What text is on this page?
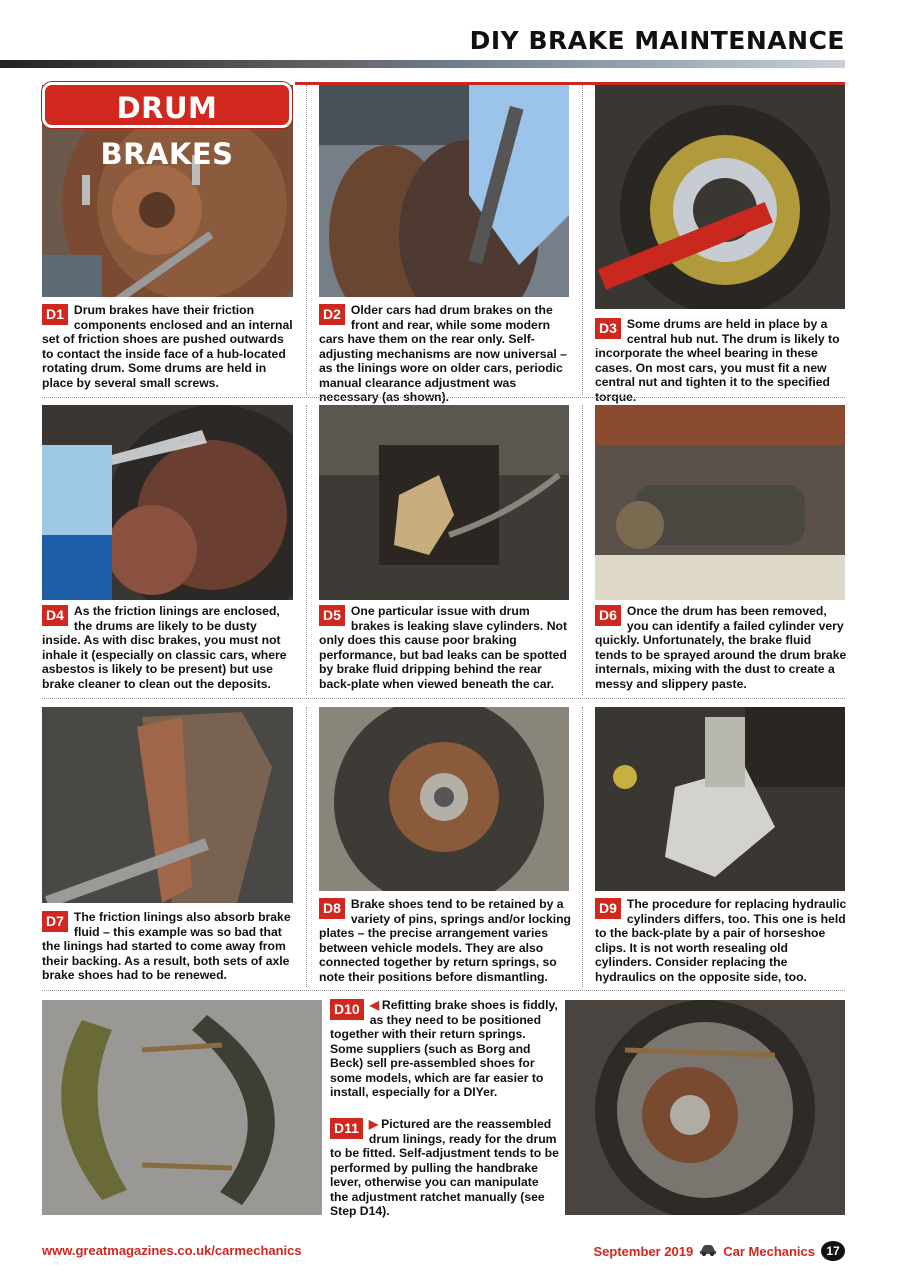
DIY BRAKE MAINTENANCE
D1 Drum brakes have their friction components enclosed and an internal set of friction shoes are pushed outwards to contact the inside face of a hub-located rotating drum. Some drums are held in place by several small screws.
D2 Older cars had drum brakes on the front and rear, while some modern cars have them on the rear only. Self-adjusting mechanisms are now universal – as the linings wore on older cars, periodic manual clearance adjustment was necessary (as shown).
D3 Some drums are held in place by a central hub nut. The drum is likely to incorporate the wheel bearing in these cases. On most cars, you must fit a new central nut and tighten it to the specified torque.
D4 As the friction linings are enclosed, the drums are likely to be dusty inside. As with disc brakes, you must not inhale it (especially on classic cars, where asbestos is likely to be present) but use brake cleaner to clean out the deposits.
D5 One particular issue with drum brakes is leaking slave cylinders. Not only does this cause poor braking performance, but bad leaks can be spotted by brake fluid dripping behind the rear back-plate when viewed beneath the car.
D6 Once the drum has been removed, you can identify a failed cylinder very quickly. Unfortunately, the brake fluid tends to be sprayed around the drum brake internals, mixing with the dust to create a messy and slippery paste.
D7 The friction linings also absorb brake fluid – this example was so bad that the linings had started to come away from their backing. As a result, both sets of axle brake shoes had to be renewed.
D8 Brake shoes tend to be retained by a variety of pins, springs and/or locking plates – the precise arrangement varies between vehicle models. They are also connected together by return springs, so note their positions before dismantling.
D9 The procedure for replacing hydraulic cylinders differs, too. This one is held to the back-plate by a pair of horseshoe clips. It is not worth resealing old cylinders. Consider replacing the hydraulics on the opposite side, too.
D10 ◀ Refitting brake shoes is fiddly, as they need to be positioned together with their return springs. Some suppliers (such as Borg and Beck) sell pre-assembled shoes for some models, which are far easier to install, especially for a DIYer.
D11 ▶ Pictured are the reassembled drum linings, ready for the drum to be fitted. Self-adjustment tends to be performed by pulling the handbrake lever, otherwise you can manipulate the adjustment ratchet manually (see Step D14).
DRUM BRAKES
www.greatmagazines.co.uk/carmechanics	September 2019 Car Mechanics 17
